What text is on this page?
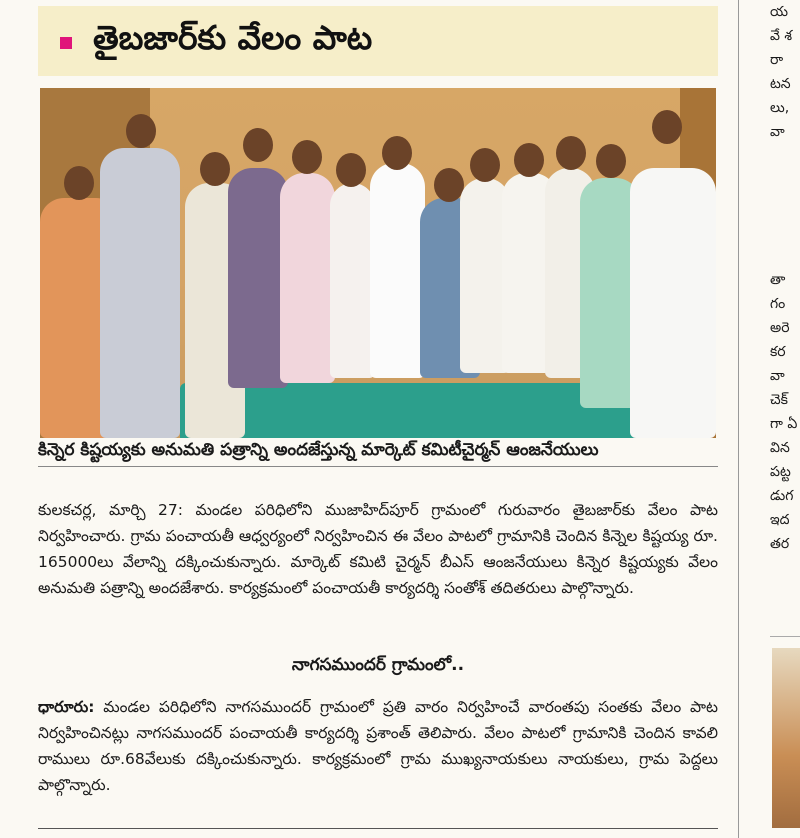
తైబజార్‌కు వేలం పాట
కిన్నెర కిష్టయ్యకు అనుమతి పత్రాన్ని అందజేస్తున్న మార్కెట్ కమిటీచైర్మన్ ఆంజనేయులు
కులకచర్ల, మార్చి 27: మండల పరిధిలోని ముజాహిద్‌పూర్ గ్రామంలో గురువారం తైబజార్‌కు వేలం పాట నిర్వహించారు. గ్రామ పంచాయతీ ఆధ్వర్యంలో నిర్వహించిన ఈ వేలం పాటలో గ్రామానికి చెందిన కిన్నెల కిష్టయ్య రూ. 165000లు వేలాన్ని దక్కించుకున్నారు. మార్కెట్ కమిటి చైర్మన్ బీఎస్ ఆంజనేయులు కిన్నెర కిష్టయ్యకు వేలం అనుమతి పత్రాన్ని అందజేశారు. కార్యక్రమంలో పంచాయతీ కార్యదర్శి సంతోశ్ తదితరులు పాల్గొన్నారు.
నాగసముందర్ గ్రామంలో..
ధారూరు: మండల పరిధిలోని నాగసముందర్ గ్రామంలో ప్రతి వారం నిర్వహించే వారంతపు సంతకు వేలం పాట నిర్వహించినట్లు నాగసముందర్ పంచాయతీ కార్యదర్శి ప్రశాంత్ తెలిపారు. వేలం పాటలో గ్రామానికి చెందిన కావలి రాములు రూ.68వేలుకు దక్కించుకున్నారు. కార్యక్రమంలో గ్రామ ముఖ్యనాయకులు నాయకులు, గ్రామ పెద్దలు పాల్గొన్నారు.
య
వే శ
రా
టన
లు,
వా
తా
గం
అరె
కర
వా
చెక్
గా ఏ
విన
పట్ట
డుగ
ఇద
తర
